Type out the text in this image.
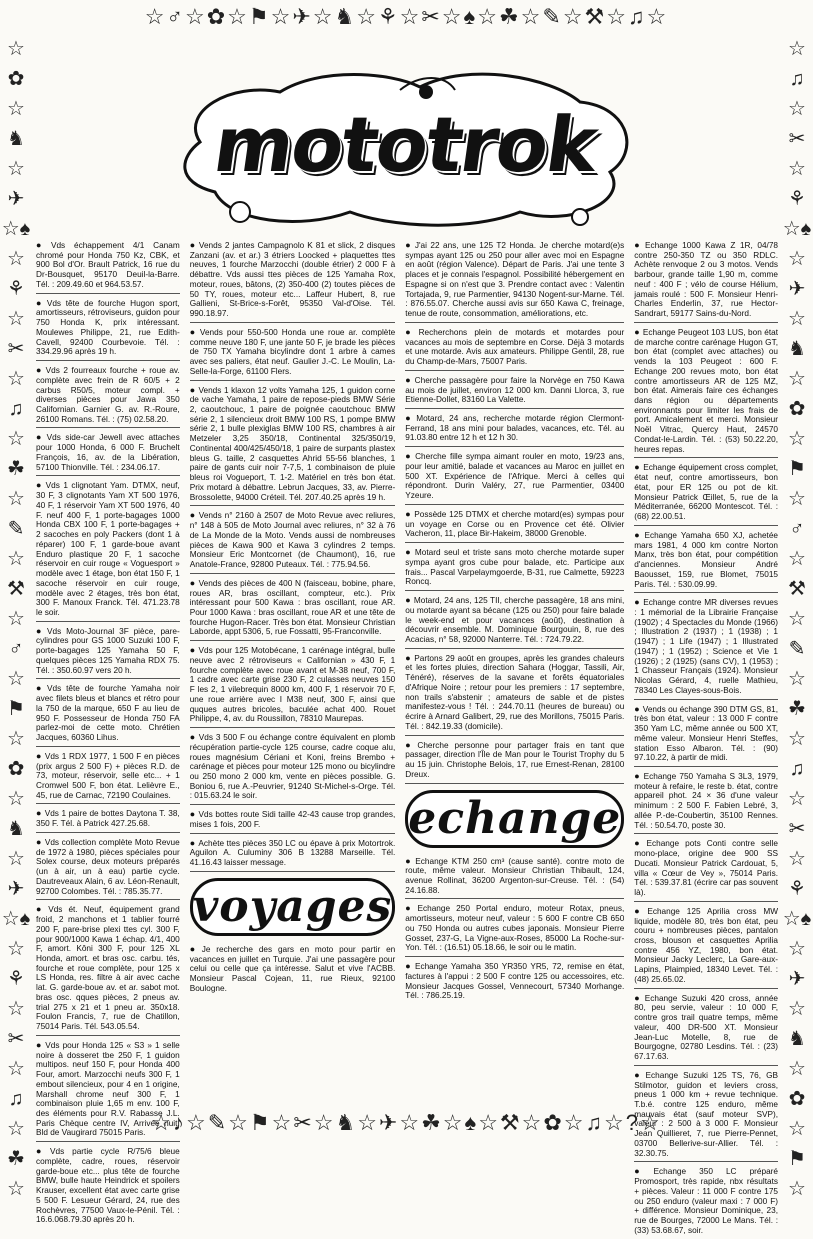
☆♂☆✿☆⚑☆✈☆♞☆⚘☆✂☆♠☆☘☆✎☆⚒☆♫☆
☆✿☆♞☆✈☆♠☆⚘☆✂☆♫☆☘☆✎☆⚒☆♂☆⚑☆✿☆♞☆✈☆♠☆⚘☆✂☆♫☆☘☆
☆♫☆✂☆⚘☆♠☆✈☆♞☆✿☆⚑☆♂☆⚒☆✎☆☘☆♫☆✂☆⚘☆♠☆✈☆♞☆✿☆⚑☆
mototrok
● Vds échappement 4/1 Canam chromé pour Honda 750 Kz, CBK, et 900 Bol d'Or. Brault Patrick, 16 rue du Dr-Bousquet, 95170 Deuil-la-Barre. Tél. : 209.49.60 et 964.53.57.
● Vds tête de fourche Hugon sport, amortisseurs, rétroviseurs, guidon pour 750 Honda K, prix intéressant. Moulewes Philippe, 21, rue Edith-Cavell, 92400 Courbevoie. Tél. : 334.29.96 après 19 h.
● Vds 2 fourreaux fourche + roue av. complète avec frein de R 60/5 + 2 carbus R50/5, moteur compl. + diverses pièces pour Jawa 350 Californian. Garnier G. av. R.-Roure, 26100 Romans. Tél. : (75) 02.58.20.
● Vds side-car Jewell avec attaches pour 1000 Honda, 6 000 F. Bruchelt François, 16, av. de la Libération, 57100 Thionville. Tél. : 234.06.17.
● Vds 1 clignotant Yam. DTMX, neuf, 30 F, 3 clignotants Yam XT 500 1976, 40 F, 1 réservoir Yam XT 500 1976, 40 F. neuf 400 F, 1 porte-bagages 1000 Honda CBX 100 F, 1 porte-bagages + 2 sacoches en poly Packers (dont 1 à réparer) 100 F, 1 garde-boue avant Enduro plastique 20 F, 1 sacoche réservoir en cuir rouge « Voguesport » modèle avec 1 étage, bon état 150 F, 1 sacoche réservoir en cuir rouge, modèle avec 2 étages, très bon état, 300 F. Manoux Franck. Tél. 471.23.78 le soir.
● Vds Moto-Journal 3F pièce, pare-cylindres pour GS 1000 Suzuki 100 F, porte-bagages 125 Yamaha 50 F, quelques pièces 125 Yamaha RDX 75. Tél. : 350.60.97 vers 20 h.
● Vds tête de fourche Yamaha noir avec filets bleus et blancs et rétro pour la 750 de la marque, 650 F au lieu de 950 F. Possesseur de Honda 750 FA parlez-moi de cette moto. Chrétien Jacques, 60360 Lihus.
● Vds 1 RDX 1977, 1 500 F en pièces (prix argus 2 500 F) + pièces R.D. de 73, moteur, réservoir, selle etc... + 1 Cromwel 500 F, bon état. Lelièvre E., 45, rue de Carnac, 72190 Coulaines.
● Vds 1 paire de bottes Daytona T. 38, 350 F. Tél. à Patrick 427.25.68.
● Vds collection complète Moto Revue de 1972 à 1980, pièces spéciales pour Solex course, deux moteurs préparés (un à air, un à eau) partie cycle. Dautreveaux Alain, 6 av. Léon-Renault, 92700 Colombes. Tél. : 785.35.77.
● Vds ét. Neuf, équipement grand froid, 2 manchons et 1 tablier fourré 200 F, pare-brise plexi ttes cyl. 300 F, pour 900/1000 Kawa 1 échap. 4/1, 400 F, amort. Kôni 300 F, pour 125 XL Honda, amort. et bras osc. carbu. tés, fourche et roue complète, pour 125 x LS Honda, res. filtre à air avec cache lat. G. garde-boue av. et ar. sabot mot. bras osc. qques pièces, 2 pneus av. trial 275 x 21 et 1 pneu ar. 350x18. Foulon Francis, 7, rue de Chatillon, 75014 Paris. Tél. 543.05.54.
● Vds pour Honda 125 « S3 » 1 selle noire à dosseret tbe 250 F, 1 guidon multipos. neuf 150 F, pour Honda 400 Four, amort. Marzocchi neufs 300 F, 1 embout silencieux, pour 4 en 1 origine, Marshall chrome neuf 300 F, 1 combinaison pluie 1,65 m env. 100 F, des éléments pour R.V. Rabasse J.L. Paris Chèque centre IV, Arrivée nuit, Bld de Vaugirard 75015 Paris.
● Vds partie cycle R/75/6 bleue complète, cadre, roues, réservoir garde-boue etc... plus tête de fourche BMW, bulle haute Heindrick et spoilers Krauser, excellent état avec carte grise 5 500 F. Lesueur Gérard, 24, rue des Rochèvres, 77500 Vaux-le-Pénil. Tél. : 16.6.068.79.30 après 20 h.
● Vends 2 jantes Campagnolo K 81 et slick, 2 disques Zanzani (av. et ar.) 3 étriers Loocked + plaquettes ttes neuves, 1 fourche Marzocchi (double étrier) 2 000 F à débattre. Vds aussi ttes pièces de 125 Yamaha Rox, moteur, roues, bâtons, (2) 350-400 (2) toutes pièces de 50 TY, roues, moteur etc... Laffeur Hubert, 8, rue Gallieni, St-Brice-s-Forêt, 95350 Val-d'Oise. Tél. 990.18.97.
● Vends pour 550-500 Honda une roue ar. complète comme neuve 180 F, une jante 50 F, je brade les pièces de 750 TX Yamaha bicylindre dont 1 arbre à cames avec ses paliers, état neuf. Gaulier J.-C. Le Moulin, La-Selle-la-Forge, 61100 Flers.
● Vends 1 klaxon 12 volts Yamaha 125, 1 guidon corne de vache Yamaha, 1 paire de repose-pieds BMW Série 2, caoutchouc, 1 paire de poignée caoutchouc BMW série 2, 1 silencieux droit BMW 100 RS, 1 pompe BMW série 2, 1 bulle plexiglas BMW 100 RS, chambres à air Metzeler 3,25 350/18, Continental 325/350/19, Continental 400/425/450/18, 1 paire de surpants plastex bleus G. taille, 2 casquettes Ahrid 55-56 blanches, 1 paire de gants cuir noir 7-7,5, 1 combinaison de pluie bleus roi Vogueport, T. 1-2. Matériel en très bon état. Prix motard à débattre. Lebrun Jacques, 33, av. Pierre-Brossolette, 94000 Créteil. Tél. 207.40.25 après 19 h.
● Vends n° 2160 à 2507 de Moto Revue avec reliures, n° 148 à 505 de Moto Journal avec reliures, n° 32 à 76 de La Monde de la Moto. Vends aussi de nombreuses pièces de Kawa 900 et Kawa 3 cylindres 2 temps. Monsieur Eric Montcornet (de Chaumont), 16, rue Anatole-France, 92800 Puteaux. Tél. : 775.94.56.
● Vends des pièces de 400 N (faisceau, bobine, phare, roues AR, bras oscillant, compteur, etc.). Prix intéressant pour 500 Kawa : bras oscillant, roue AR. Pour 1000 Kawa : bras oscillant, roue AR et une tête de fourche Hugon-Racer. Très bon état. Monsieur Christian Laborde, appt 5306, 5, rue Fossatti, 95-Franconville.
● Vds pour 125 Motobécane, 1 carénage intégral, bulle neuve avec 2 rétroviseurs « Californian » 430 F, 1 fourche complète avec roue avant et M-38 neuf, 700 F, 1 cadre avec carte grise 230 F, 2 culasses neuves 150 F les 2, 1 vilebrequin 8000 km, 400 F, 1 réservoir 70 F, une roue arrière avec I M38 neuf, 300 F, ainsi que quques autres bricoles, baculée achat 400. Rouet Philippe, 4, av. du Roussillon, 78310 Maurepas.
● Vds 3 500 F ou échange contre équivalent en plomb récupération partie-cycle 125 course, cadre coque alu, roues magnésium Cériani et Koni, freins Brembo + carénage et pièces pour moteur 125 mono ou bicylindre ou 250 mono 2 000 km, vente en pièces possible. G. Boniou 6, rue A.-Peuvrier, 91240 St-Michel-s-Orge. Tél. : 015.63.24 le soir.
● Vds bottes route Sidi taille 42-43 cause trop grandes, mises 1 fois, 200 F.
● Achète ttes pièces 350 LC ou épave à prix Motortrok. Aguilon A. Culuminy 306 B 13288 Marseille. Tél. 41.16.43 laisser message.
voyages
● Je recherche des gars en moto pour partir en vacances en juillet en Turquie. J'ai une passagère pour celui ou celle que ça intéresse. Salut et vive l'ACBB. Monsieur Pascal Cojean, 11, rue Rieux, 92100 Boulogne.
● J'ai 22 ans, une 125 T2 Honda. Je cherche motard(e)s sympas ayant 125 ou 250 pour aller avec moi en Espagne en août (région Valence). Départ de Paris. J'ai une tente 3 places et je connais l'espagnol. Possibilité hébergement en Espagne si on n'est que 3. Prendre contact avec : Valentin Tortajada, 9, rue Parmentier, 94130 Nogent-sur-Marne. Tél. : 876.55.07. Cherche aussi avis sur 650 Kawa C, freinage, tenue de route, consommation, améliorations, etc.
● Recherchons plein de motards et motardes pour vacances au mois de septembre en Corse. Déjà 3 motards et une motarde. Avis aux amateurs. Philippe Gentil, 28, rue du Champ-de-Mars, 75007 Paris.
● Cherche passagère pour faire la Norvège en 750 Kawa au mois de juillet, environ 12 000 km. Danni Llorca, 3, rue Etienne-Dollet, 83160 La Valette.
● Motard, 24 ans, recherche motarde région Clermont-Ferrand, 18 ans mini pour balades, vacances, etc. Tél. au 91.03.80 entre 12 h et 12 h 30.
● Cherche fille sympa aimant rouler en moto, 19/23 ans, pour leur amitié, balade et vacances au Maroc en juillet en 500 XT. Expérience de l'Afrique. Merci à celles qui répondront. Durin Valéry, 27, rue Parmentier, 03400 Yzeure.
● Possède 125 DTMX et cherche motard(es) sympas pour un voyage en Corse ou en Provence cet été. Olivier Vacheron, 11, place Bir-Hakeim, 38000 Grenoble.
● Motard seul et triste sans moto cherche motarde super sympa ayant gros cube pour balade, etc. Participe aux frais... Pascal Varpelaymgoerde, B-31, rue Calmette, 59223 Roncq.
● Motard, 24 ans, 125 TII, cherche passagère, 18 ans mini, ou motarde ayant sa bécane (125 ou 250) pour faire balade le week-end et pour vacances (août), destination à découvrir ensemble. M. Dominique Bourgouin, 8, rue des Acacias, n° 58, 92000 Nanterre. Tél. : 724.79.22.
● Partons 29 août en groupes, après les grandes chaleurs et les fortes pluies, direction Sahara (Hoggar, Tassili, Air, Ténéré), réserves de la savane et forêts équatoriales d'Afrique Noire ; retour pour les premiers : 17 septembre, non trails s'abstenir ; amateurs de sable et de pistes manifestez-vous ! Tél. : 244.70.11 (heures de bureau) ou écrire à Arnard Galibert, 29, rue des Morillons, 75015 Paris. Tél. : 842.19.33 (domicile).
● Cherche personne pour partager frais en tant que passager, direction l'Île de Man pour le Tourist Trophy du 5 au 15 juin. Christophe Belois, 17, rue Ernest-Renan, 28100 Dreux.
echange
● Echange KTM 250 cm³ (cause santé). contre moto de route, même valeur. Monsieur Christian Thibault, 124, avenue Rollinat, 36200 Argenton-sur-Creuse. Tél. : (54) 24.16.88.
● Echange 250 Portal enduro, moteur Rotax, pneus, amortisseurs, moteur neuf, valeur : 5 600 F contre CB 650 ou 750 Honda ou autres cubes japonais. Monsieur Pierre Gosset, 237-G, La Vigne-aux-Roses, 85000 La Roche-sur-Yon. Tél. : (16.51) 05.18.66, le soir ou le matin.
● Echange Yamaha 350 YR350 YR5, 72, remise en état, factures à l'appui : 2 500 F contre 125 ou accessoires, etc. Monsieur Jacques Gossel, Vennecourt, 57340 Morhange. Tél. : 786.25.19.
● Echange 1000 Kawa Z 1R, 04/78 contre 250-350 TZ ou 350 RDLC. Achète renvoque 2 ou 3 motos. Vends barbour, grande taille 1,90 m, comme neuf : 400 F ; vélo de course Hélium, jamais roulé : 500 F. Monsieur Henri-Charles Enderlin, 37, rue Hector-Sandrart, 59177 Sains-du-Nord.
● Echange Peugeot 103 LUS, bon état de marche contre carénage Hugon GT, bon état (complet avec attaches) ou vends la 103 Peugeot : 600 F. Echange 200 revues moto, bon état contre amortisseurs AR de 125 MZ, bon état. Aimerais faire ces échanges dans région ou départements environnants pour limiter les frais de port. Amicalement et merci. Monsieur Noël Vitrac, Quercy Haut, 24570 Condat-le-Lardin. Tél. : (53) 50.22.20, heures repas.
● Echange équipement cross complet, état neuf, contre amortisseurs, bon état, pour ER 125 ou pot de kit. Monsieur Patrick Œillet, 5, rue de la Méditerranée, 66200 Montescot. Tél. : (68) 22.00.51.
● Echange Yamaha 650 XJ, achetée mars 1981, 4 000 km contre Norton Manx, très bon état, pour compétition d'anciennes. Monsieur André Baousset, 159, rue Blomet, 75015 Paris. Tél. : 530.09.99.
● Echange contre MR diverses revues : 1 mémorial de la Librairie Française (1902) ; 4 Spectacles du Monde (1966) ; Illustration 2 (1937) ; 1 (1938) ; 1 (1947) ; 1 Life (1947) ; 1 Illustrated (1947) ; 1 (1952) ; Science et Vie 1 (1926) ; 2 (1925) (sans CV), 1 (1953) ; 1 Chasseur Français (1924). Monsieur Nicolas Gérard, 4, ruelle Mathieu, 78340 Les Clayes-sous-Bois.
● Vends ou échange 390 DTM GS, 81, très bon état, valeur : 13 000 F contre 350 Yam LC, même année ou 500 XT, même valeur. Monsieur Henri Steffes, station Esso Albaron. Tél. : (90) 97.10.22, à partir de midi.
● Echange 750 Yamaha S 3L3, 1979, moteur à refaire, le reste b. état, contre appareil phot. 24 × 36 d'une valeur minimum : 2 500 F. Fabien Lebré, 3, allée P.-de-Coubertin, 35100 Rennes. Tél. : 50.54.70, poste 30.
● Echange pots Conti contre selle mono-place, origine dee 900 SS Ducati. Monsieur Patrick Cardouat, 5, villa « Cœur de Vey », 75014 Paris. Tél. : 539.37.81 (écrire car pas souvent là).
● Echange 125 Aprilia cross MW liquide, modèle 80, très bon état, peu couru + nombreuses pièces, pantalon cross, blouson et casquettes Aprilia contre 456 YZ, 1980, bon état. Monsieur Jacky Leclerc, La Gare-aux-Lapins, Plaimpied, 18340 Levet. Tél. : (48) 25.65.02.
● Echange Suzuki 420 cross, année 80, peu servie, valeur : 10 000 F, contre gros trail quatre temps, même valeur, 400 DR-500 XT. Monsieur Jean-Luc Motelle, 8, rue de Bourgogne, 02780 Lesdins. Tél. : (23) 67.17.63.
● Echange Suzuki 125 TS, 76, GB Stilmotor, guidon et leviers cross, pneus 1 000 km + revue technique. T.b.é. contre 125 enduro, même mauvais état (sauf moteur SVP), valeur : 2 500 à 3 000 F. Monsieur Jean Quillieret, 7, rue Pierre-Pennet, 03700 Bellerive-sur-Allier. Tél. : 32.30.75.
● Echange 350 LC préparé Promosport, très rapide, nbx résultats + pièces. Valeur : 11 000 F contre 175 ou 250 enduro (valeur maxi : 7 000 F) + différence. Monsieur Dominique, 23, rue de Bourges, 72000 Le Mans. Tél. : (33) 53.68.67, soir.
☆♪☆✎☆⚑☆✂☆♞☆✈☆☘☆♠☆⚒☆✿☆♫☆?☆
